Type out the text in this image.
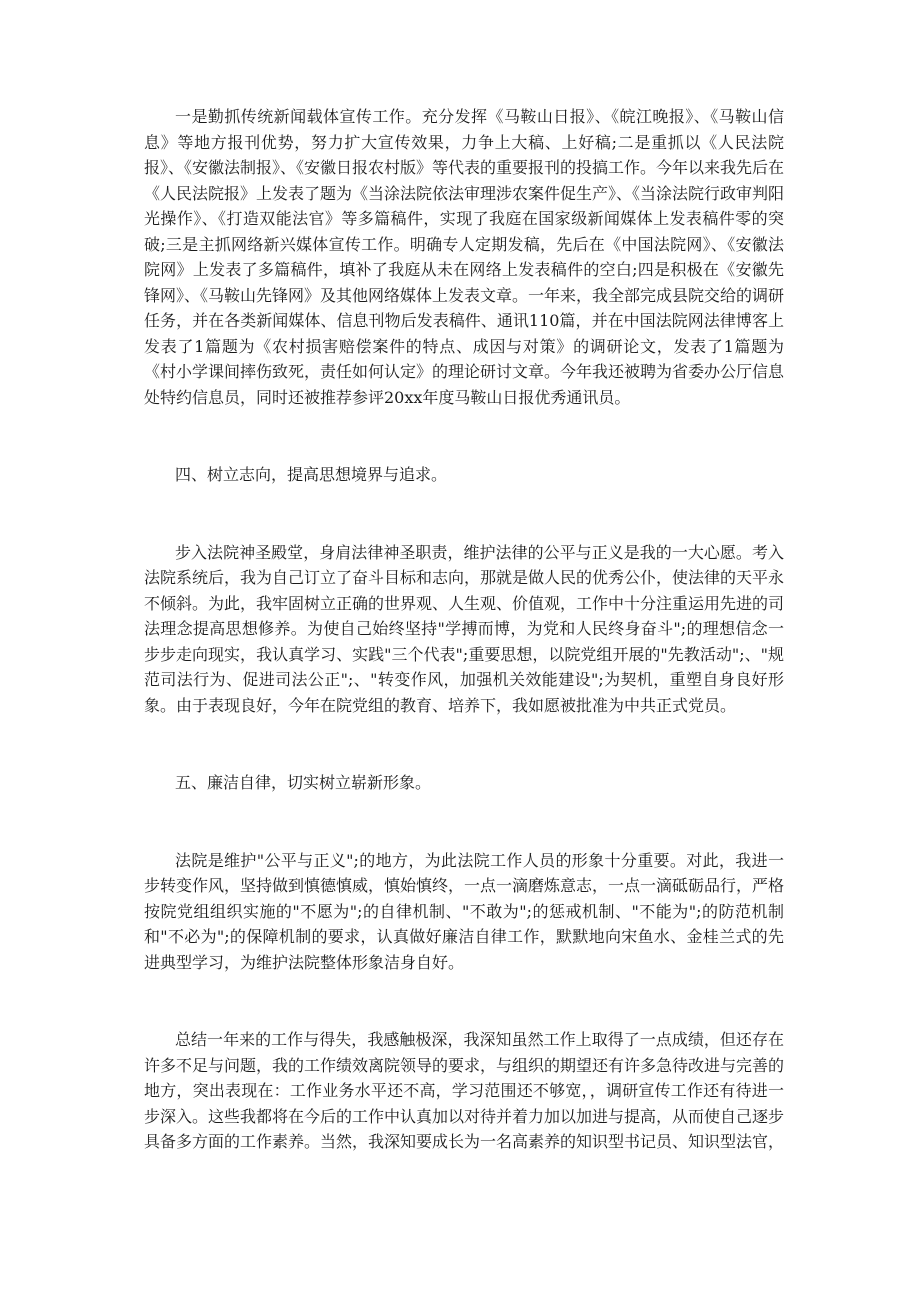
一是勤抓传统新闻载体宣传工作。充分发挥《马鞍山日报》、《皖江晚报》、《马鞍山信息》等地方报刊优势，努力扩大宣传效果，力争上大稿、上好稿;二是重抓以《人民法院报》、《安徽法制报》、《安徽日报农村版》等代表的重要报刊的投搞工作。今年以来我先后在《人民法院报》上发表了题为《当涂法院依法审理涉农案件促生产》、《当涂法院行政审判阳光操作》、《打造双能法官》等多篇稿件，实现了我庭在国家级新闻媒体上发表稿件零的突破;三是主抓网络新兴媒体宣传工作。明确专人定期发稿，先后在《中国法院网》、《安徽法院网》上发表了多篇稿件，填补了我庭从未在网络上发表稿件的空白;四是积极在《安徽先锋网》、《马鞍山先锋网》及其他网络媒体上发表文章。一年来，我全部完成县院交给的调研任务，并在各类新闻媒体、信息刊物后发表稿件、通讯110篇，并在中国法院网法律博客上发表了1篇题为《农村损害赔偿案件的特点、成因与对策》的调研论文，发表了1篇题为《村小学课间摔伤致死，责任如何认定》的理论研讨文章。今年我还被聘为省委办公厅信息处特约信息员，同时还被推荐参评20xx年度马鞍山日报优秀通讯员。

四、树立志向，提高思想境界与追求。

步入法院神圣殿堂，身肩法律神圣职责，维护法律的公平与正义是我的一大心愿。考入法院系统后，我为自己订立了奋斗目标和志向，那就是做人民的优秀公仆，使法律的天平永不倾斜。为此，我牢固树立正确的世界观、人生观、价值观，工作中十分注重运用先进的司法理念提高思想修养。为使自己始终坚持"学搏而博，为党和人民终身奋斗";的理想信念一步步走向现实，我认真学习、实践"三个代表";重要思想，以院党组开展的"先教活动";、"规范司法行为、促进司法公正";、"转变作风，加强机关效能建设";为契机，重塑自身良好形象。由于表现良好，今年在院党组的教育、培养下，我如愿被批准为中共正式党员。

五、廉洁自律，切实树立崭新形象。

法院是维护"公平与正义";的地方，为此法院工作人员的形象十分重要。对此，我进一步转变作风，坚持做到慎德慎威，慎始慎终，一点一滴磨炼意志，一点一滴砥砺品行，严格按院党组组织实施的"不愿为";的自律机制、"不敢为";的惩戒机制、"不能为";的防范机制和"不必为";的保障机制的要求，认真做好廉洁自律工作，默默地向宋鱼水、金桂兰式的先进典型学习，为维护法院整体形象洁身自好。

总结一年来的工作与得失，我感触极深，我深知虽然工作上取得了一点成绩，但还存在许多不足与问题，我的工作绩效离院领导的要求，与组织的期望还有许多急待改进与完善的地方，突出表现在：工作业务水平还不高，学习范围还不够宽，，调研宣传工作还有待进一步深入。这些我都将在今后的工作中认真加以对待并着力加以加进与提高，从而使自己逐步具备多方面的工作素养。当然，我深知要成长为一名高素养的知识型书记员、知识型法官，
